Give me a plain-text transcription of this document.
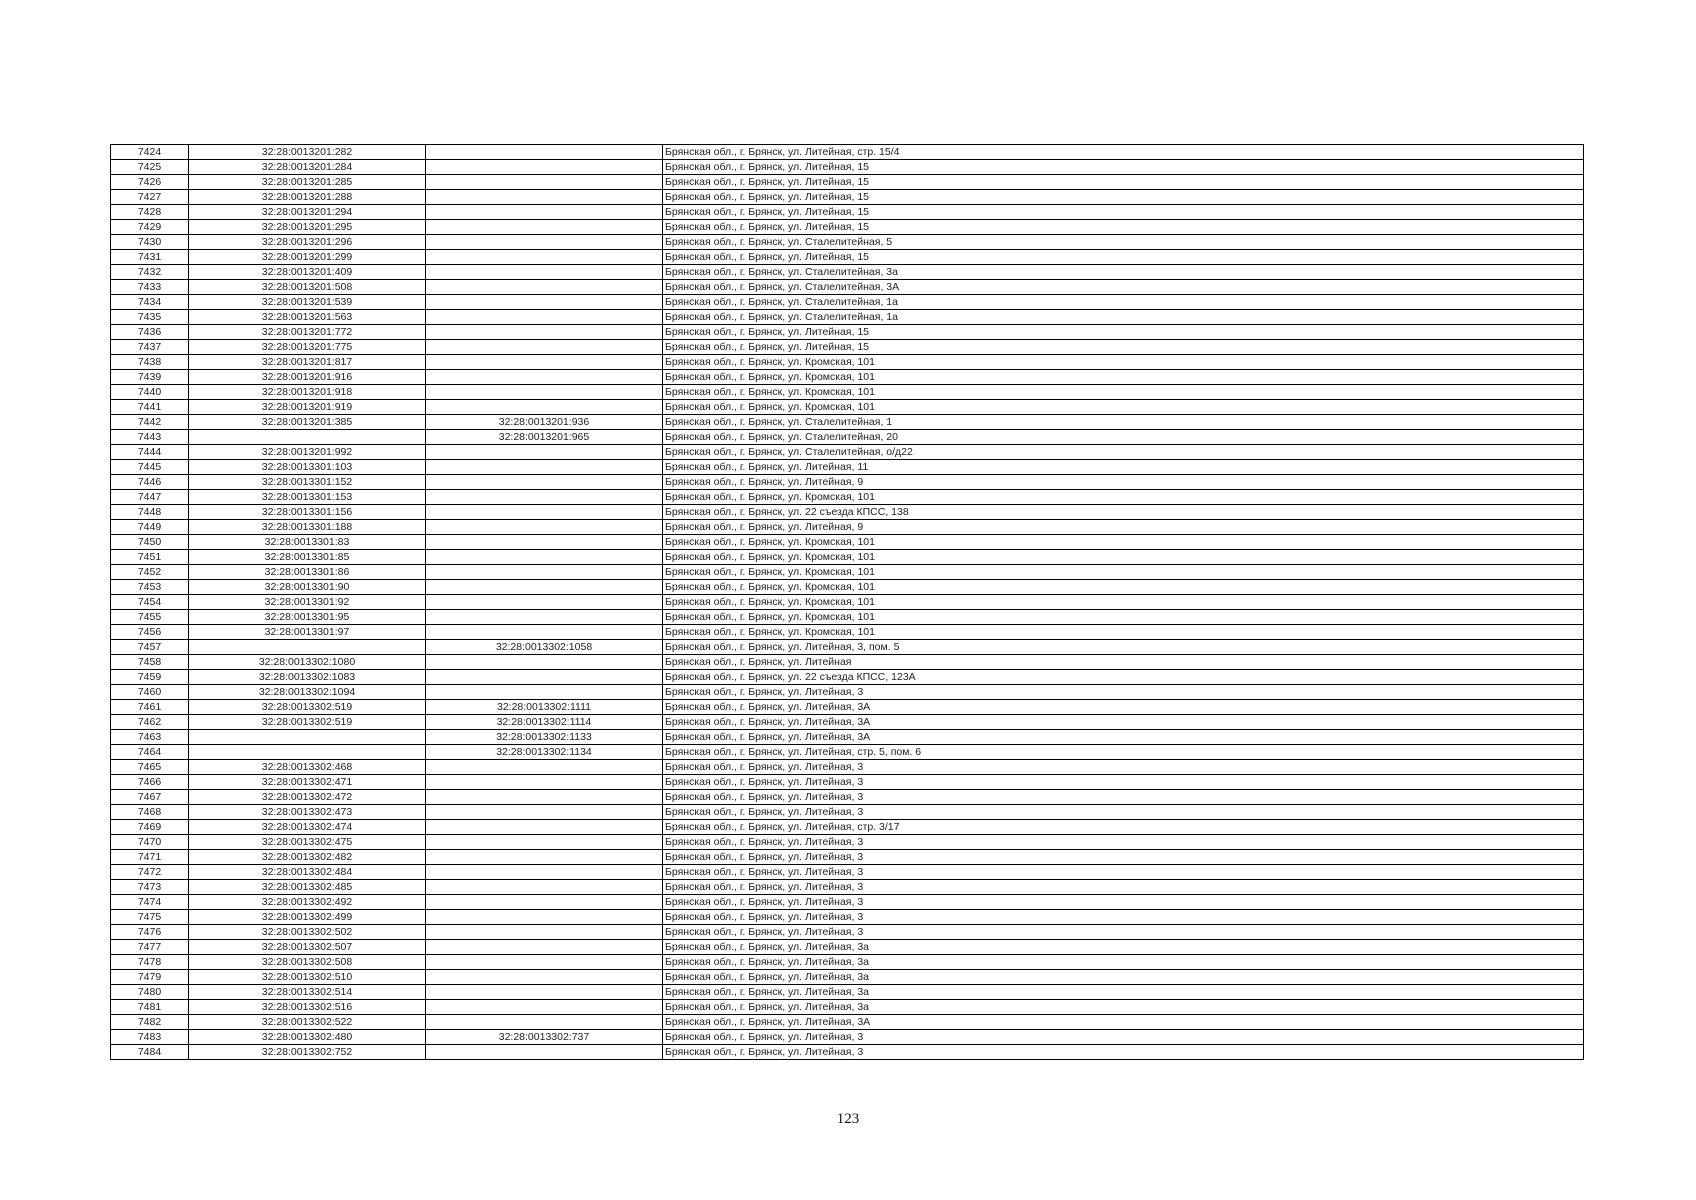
7424	32:28:0013201:282		Брянская обл., г. Брянск, ул. Литейная, стр. 15/4
7425	32:28:0013201:284		Брянская обл., г. Брянск, ул. Литейная, 15
7426	32:28:0013201:285		Брянская обл., г. Брянск, ул. Литейная, 15
7427	32:28:0013201:288		Брянская обл., г. Брянск, ул. Литейная, 15
7428	32:28:0013201:294		Брянская обл., г. Брянск, ул. Литейная, 15
7429	32:28:0013201:295		Брянская обл., г. Брянск, ул. Литейная, 15
7430	32:28:0013201:296		Брянская обл., г. Брянск, ул. Сталелитейная, 5
7431	32:28:0013201:299		Брянская обл., г. Брянск, ул. Литейная, 15
7432	32:28:0013201:409		Брянская обл., г. Брянск, ул. Сталелитейная, 3а
7433	32:28:0013201:508		Брянская обл., г. Брянск, ул. Сталелитейная, 3А
7434	32:28:0013201:539		Брянская обл., г. Брянск, ул. Сталелитейная, 1а
7435	32:28:0013201:563		Брянская обл., г. Брянск, ул. Сталелитейная, 1а
7436	32:28:0013201:772		Брянская обл., г. Брянск, ул. Литейная, 15
7437	32:28:0013201:775		Брянская обл., г. Брянск, ул. Литейная, 15
7438	32:28:0013201:817		Брянская обл., г. Брянск, ул. Кромская, 101
7439	32:28:0013201:916		Брянская обл., г. Брянск, ул. Кромская, 101
7440	32:28:0013201:918		Брянская обл., г. Брянск, ул. Кромская, 101
7441	32:28:0013201:919		Брянская обл., г. Брянск, ул. Кромская, 101
7442	32:28:0013201:385	32:28:0013201:936	Брянская обл., г. Брянск, ул. Сталелитейная, 1
7443		32:28:0013201:965	Брянская обл., г. Брянск, ул. Сталелитейная, 20
7444	32:28:0013201:992		Брянская обл., г. Брянск, ул. Сталелитейная, о/д22
7445	32:28:0013301:103		Брянская обл., г. Брянск, ул. Литейная, 11
7446	32:28:0013301:152		Брянская обл., г. Брянск, ул. Литейная, 9
7447	32:28:0013301:153		Брянская обл., г. Брянск, ул. Кромская, 101
7448	32:28:0013301:156		Брянская обл., г. Брянск, ул. 22 съезда КПСС, 138
7449	32:28:0013301:188		Брянская обл., г. Брянск, ул. Литейная, 9
7450	32:28:0013301:83		Брянская обл., г. Брянск, ул. Кромская, 101
7451	32:28:0013301:85		Брянская обл., г. Брянск, ул. Кромская, 101
7452	32:28:0013301:86		Брянская обл., г. Брянск, ул. Кромская, 101
7453	32:28:0013301:90		Брянская обл., г. Брянск, ул. Кромская, 101
7454	32:28:0013301:92		Брянская обл., г. Брянск, ул. Кромская, 101
7455	32:28:0013301:95		Брянская обл., г. Брянск, ул. Кромская, 101
7456	32:28:0013301:97		Брянская обл., г. Брянск, ул. Кромская, 101
7457		32:28:0013302:1058	Брянская обл., г. Брянск, ул. Литейная, 3, пом. 5
7458	32:28:0013302:1080		Брянская обл., г. Брянск, ул. Литейная
7459	32:28:0013302:1083		Брянская обл., г. Брянск, ул. 22 съезда КПСС, 123А
7460	32:28:0013302:1094		Брянская обл., г. Брянск, ул. Литейная, 3
7461	32:28:0013302:519	32:28:0013302:1111	Брянская обл., г. Брянск, ул. Литейная, 3А
7462	32:28:0013302:519	32:28:0013302:1114	Брянская обл., г. Брянск, ул. Литейная, 3А
7463		32:28:0013302:1133	Брянская обл., г. Брянск, ул. Литейная, 3А
7464		32:28:0013302:1134	Брянская обл., г. Брянск, ул. Литейная, стр. 5, пом. 6
7465	32:28:0013302:468		Брянская обл., г. Брянск, ул. Литейная, 3
7466	32:28:0013302:471		Брянская обл., г. Брянск, ул. Литейная, 3
7467	32:28:0013302:472		Брянская обл., г. Брянск, ул. Литейная, 3
7468	32:28:0013302:473		Брянская обл., г. Брянск, ул. Литейная, 3
7469	32:28:0013302:474		Брянская обл., г. Брянск, ул. Литейная, стр. 3/17
7470	32:28:0013302:475		Брянская обл., г. Брянск, ул. Литейная, 3
7471	32:28:0013302:482		Брянская обл., г. Брянск, ул. Литейная, 3
7472	32:28:0013302:484		Брянская обл., г. Брянск, ул. Литейная, 3
7473	32:28:0013302:485		Брянская обл., г. Брянск, ул. Литейная, 3
7474	32:28:0013302:492		Брянская обл., г. Брянск, ул. Литейная, 3
7475	32:28:0013302:499		Брянская обл., г. Брянск, ул. Литейная, 3
7476	32:28:0013302:502		Брянская обл., г. Брянск, ул. Литейная, 3
7477	32:28:0013302:507		Брянская обл., г. Брянск, ул. Литейная, 3а
7478	32:28:0013302:508		Брянская обл., г. Брянск, ул. Литейная, 3а
7479	32:28:0013302:510		Брянская обл., г. Брянск, ул. Литейная, 3а
7480	32:28:0013302:514		Брянская обл., г. Брянск, ул. Литейная, 3а
7481	32:28:0013302:516		Брянская обл., г. Брянск, ул. Литейная, 3а
7482	32:28:0013302:522		Брянская обл., г. Брянск, ул. Литейная, 3А
7483	32:28:0013302:480	32:28:0013302:737	Брянская обл., г. Брянск, ул. Литейная, 3
7484	32:28:0013302:752		Брянская обл., г. Брянск, ул. Литейная, 3
123
